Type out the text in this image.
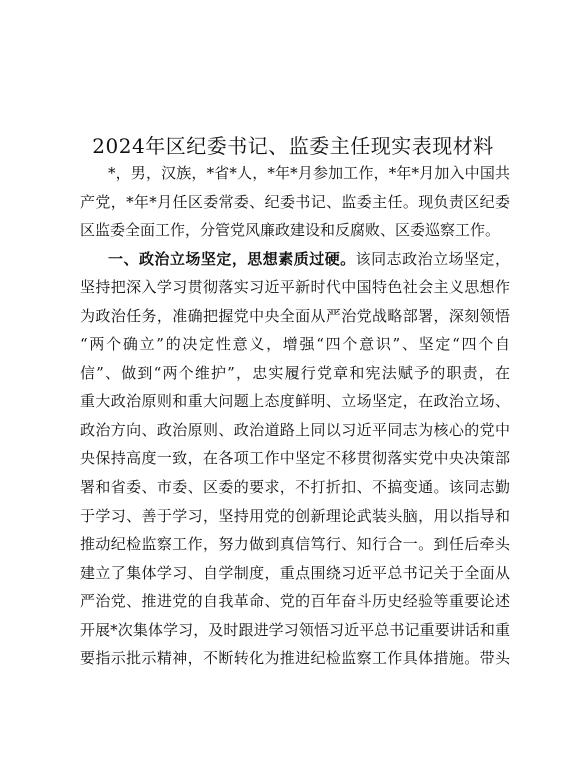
2024年区纪委书记、监委主任现实表现材料
*，男，汉族，*省*人，*年*月参加工作，*年*月加入中国共
产党，*年*月任区委常委、纪委书记、监委主任。现负责区纪委
区监委全面工作，分管党风廉政建设和反腐败、区委巡察工作。
一、政治立场坚定，思想素质过硬。该同志政治立场坚定，
坚持把深入学习贯彻落实习近平新时代中国特色社会主义思想作
为政治任务，准确把握党中央全面从严治党战略部署，深刻领悟
“两个确立”的决定性意义，增强“四个意识”、坚定“四个自
信”、做到“两个维护”，忠实履行党章和宪法赋予的职责，在
重大政治原则和重大问题上态度鲜明、立场坚定，在政治立场、
政治方向、政治原则、政治道路上同以习近平同志为核心的党中
央保持高度一致，在各项工作中坚定不移贯彻落实党中央决策部
署和省委、市委、区委的要求，不打折扣、不搞变通。该同志勤
于学习、善于学习，坚持用党的创新理论武装头脑，用以指导和
推动纪检监察工作，努力做到真信笃行、知行合一。到任后牵头
建立了集体学习、自学制度，重点围绕习近平总书记关于全面从
严治党、推进党的自我革命、党的百年奋斗历史经验等重要论述
开展*次集体学习，及时跟进学习领悟习近平总书记重要讲话和重
要指示批示精神，不断转化为推进纪检监察工作具体措施。带头
